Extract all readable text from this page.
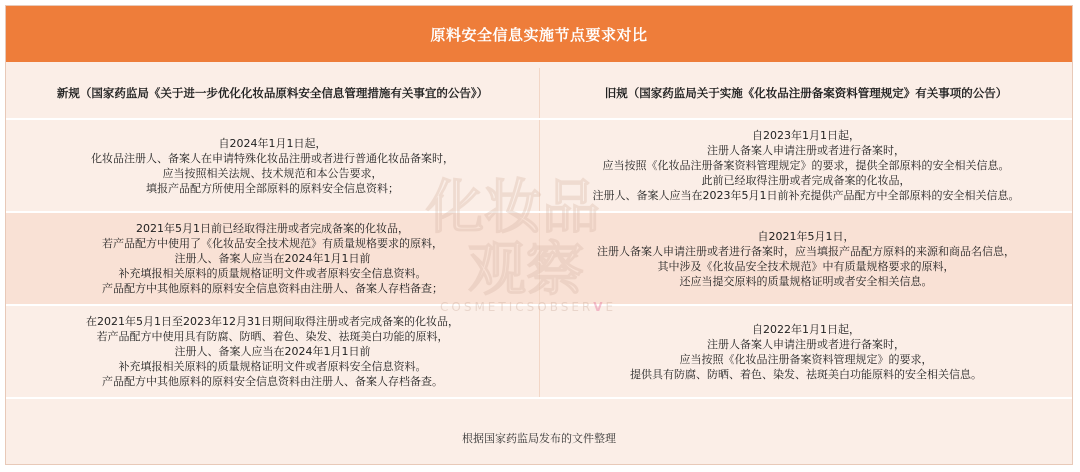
原料安全信息实施节点要求对比
新规（国家药监局《关于进一步优化化妆品原料安全信息管理措施有关事宜的公告》）	旧规（国家药监局关于实施《化妆品注册备案资料管理规定》有关事项的公告）
自2024年1月1日起，
化妆品注册人、备案人在申请特殊化妆品注册或者进行普通化妆品备案时，
应当按照相关法规、技术规范和本公告要求，
填报产品配方所使用全部原料的原料安全信息资料；
自2023年1月1日起，
注册人备案人申请注册或者进行备案时，
应当按照《化妆品注册备案资料管理规定》的要求，提供全部原料的安全相关信息。
此前已经取得注册或者完成备案的化妆品，
注册人、备案人应当在2023年5月1日前补充提供产品配方中全部原料的安全相关信息。
2021年5月1日前已经取得注册或者完成备案的化妆品，
若产品配方中使用了《化妆品安全技术规范》有质量规格要求的原料，
注册人、备案人应当在2024年1月1日前
补充填报相关原料的质量规格证明文件或者原料安全信息资料。
产品配方中其他原料的原料安全信息资料由注册人、备案人存档备查；
自2021年5月1日，
注册人备案人申请注册或者进行备案时，应当填报产品配方原料的来源和商品名信息，
其中涉及《化妆品安全技术规范》中有质量规格要求的原料，
还应当提交原料的质量规格证明或者安全相关信息。
在2021年5月1日至2023年12月31日期间取得注册或者完成备案的化妆品，
若产品配方中使用具有防腐、防晒、着色、染发、祛斑美白功能的原料，
注册人、备案人应当在2024年1月1日前
补充填报相关原料的质量规格证明文件或者原料安全信息资料。
产品配方中其他原料的原料安全信息资料由注册人、备案人存档备查。
自2022年1月1日起，
注册人备案人申请注册或者进行备案时，
应当按照《化妆品注册备案资料管理规定》的要求，
提供具有防腐、防晒、着色、染发、祛斑美白功能原料的安全相关信息。
根据国家药监局发布的文件整理
COSMETICSOBSERVE
